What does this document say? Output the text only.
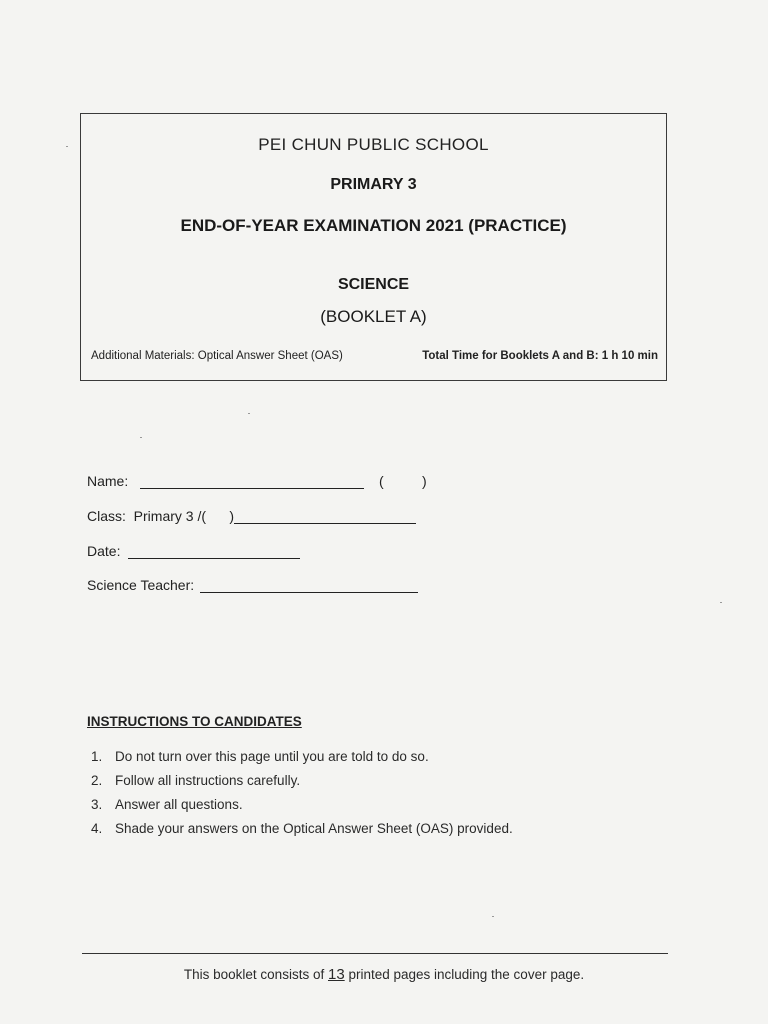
PEI CHUN PUBLIC SCHOOL
PRIMARY 3
END-OF-YEAR EXAMINATION 2021 (PRACTICE)
SCIENCE
(BOOKLET A)
Additional Materials: Optical Answer Sheet (OAS)	Total Time for Booklets A and B: 1 h 10 min
Name:	(	)
Class:  Primary 3 /(      )
Date:
Science Teacher:
INSTRUCTIONS TO CANDIDATES
1. Do not turn over this page until you are told to do so.
2. Follow all instructions carefully.
3. Answer all questions.
4. Shade your answers on the Optical Answer Sheet (OAS) provided.
This booklet consists of 13 printed pages including the cover page.
